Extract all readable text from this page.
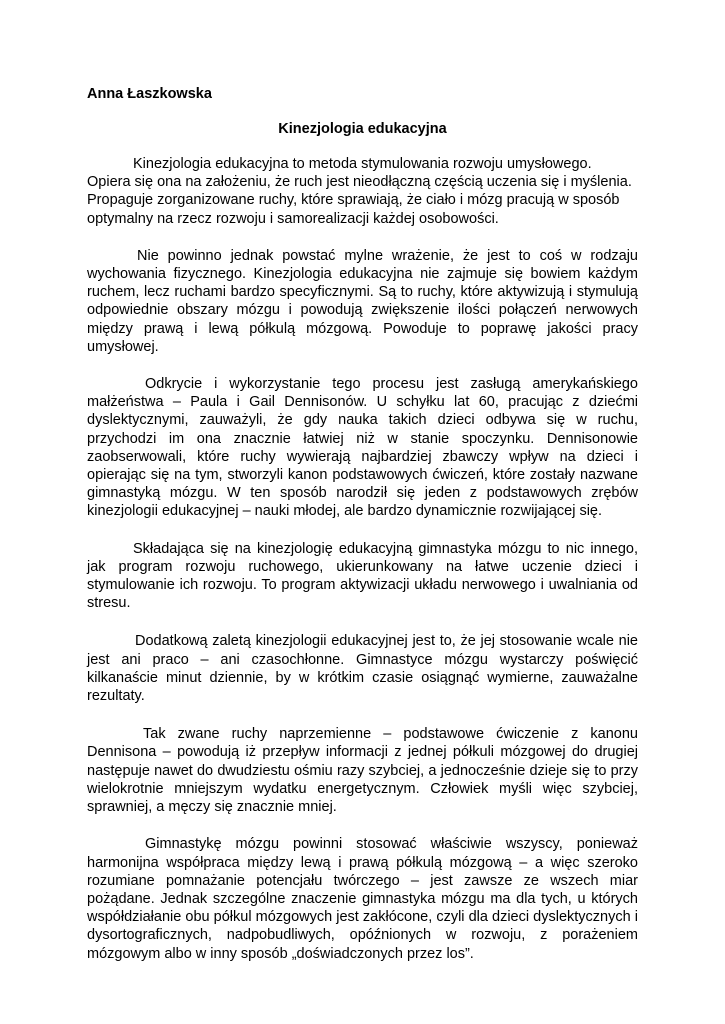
Anna Łaszkowska

Kinezjologia edukacyjna

Kinezjologia edukacyjna to metoda stymulowania rozwoju umysłowego. Opiera się ona na założeniu, że ruch jest nieodłączną częścią uczenia się i myślenia. Propaguje zorganizowane ruchy, które sprawiają, że ciało i mózg pracują w sposób optymalny na rzecz rozwoju i samorealizacji każdej osobowości.

Nie powinno jednak powstać mylne wrażenie, że jest to coś w rodzaju wychowania fizycznego. Kinezjologia edukacyjna nie zajmuje się bowiem każdym ruchem, lecz ruchami bardzo specyficznymi. Są to ruchy, które aktywizują i stymulują odpowiednie obszary mózgu i powodują zwiększenie ilości połączeń nerwowych między prawą i lewą półkulą mózgową. Powoduje to poprawę jakości pracy umysłowej.

Odkrycie i wykorzystanie tego procesu jest zasługą amerykańskiego małżeństwa – Paula i Gail Dennisonów. U schyłku lat 60, pracując z dziećmi dyslektycznymi, zauważyli, że gdy nauka takich dzieci odbywa się w ruchu, przychodzi im ona znacznie łatwiej niż w stanie spoczynku. Dennisonowie zaobserwowali, które ruchy wywierają najbardziej zbawczy wpływ na dzieci i opierając się na tym, stworzyli kanon podstawowych ćwiczeń, które zostały nazwane gimnastyką mózgu. W ten sposób narodził się jeden z podstawowych zrębów kinezjologii edukacyjnej – nauki młodej, ale bardzo dynamicznie rozwijającej się.

Składająca się na kinezjologię edukacyjną gimnastyka mózgu to nic innego, jak program rozwoju ruchowego, ukierunkowany na łatwe uczenie dzieci i stymulowanie ich rozwoju. To program aktywizacji układu nerwowego i uwalniania od stresu.

Dodatkową zaletą kinezjologii edukacyjnej jest to, że jej stosowanie wcale nie jest ani praco – ani czasochłonne. Gimnastyce mózgu wystarczy poświęcić kilkanaście minut dziennie, by w krótkim czasie osiągnąć wymierne, zauważalne rezultaty.

Tak zwane ruchy naprzemienne – podstawowe ćwiczenie z kanonu Dennisona – powodują iż przepływ informacji z jednej półkuli mózgowej do drugiej następuje nawet do dwudziestu ośmiu razy szybciej, a jednocześnie dzieje się to przy wielokrotnie mniejszym wydatku energetycznym. Człowiek myśli więc szybciej, sprawniej, a męczy się znacznie mniej.

Gimnastykę mózgu powinni stosować właściwie wszyscy, ponieważ harmonijna współpraca między lewą i prawą półkulą mózgową – a więc szeroko rozumiane pomnażanie potencjału twórczego – jest zawsze ze wszech miar pożądane. Jednak szczególne znaczenie gimnastyka mózgu ma dla tych, u których współdziałanie obu półkul mózgowych jest zakłócone, czyli dla dzieci dyslektycznych i dysortograficznych, nadpobudliwych, opóźnionych w rozwoju, z porażeniem mózgowym albo w inny sposób „doświadczonych przez los”.
